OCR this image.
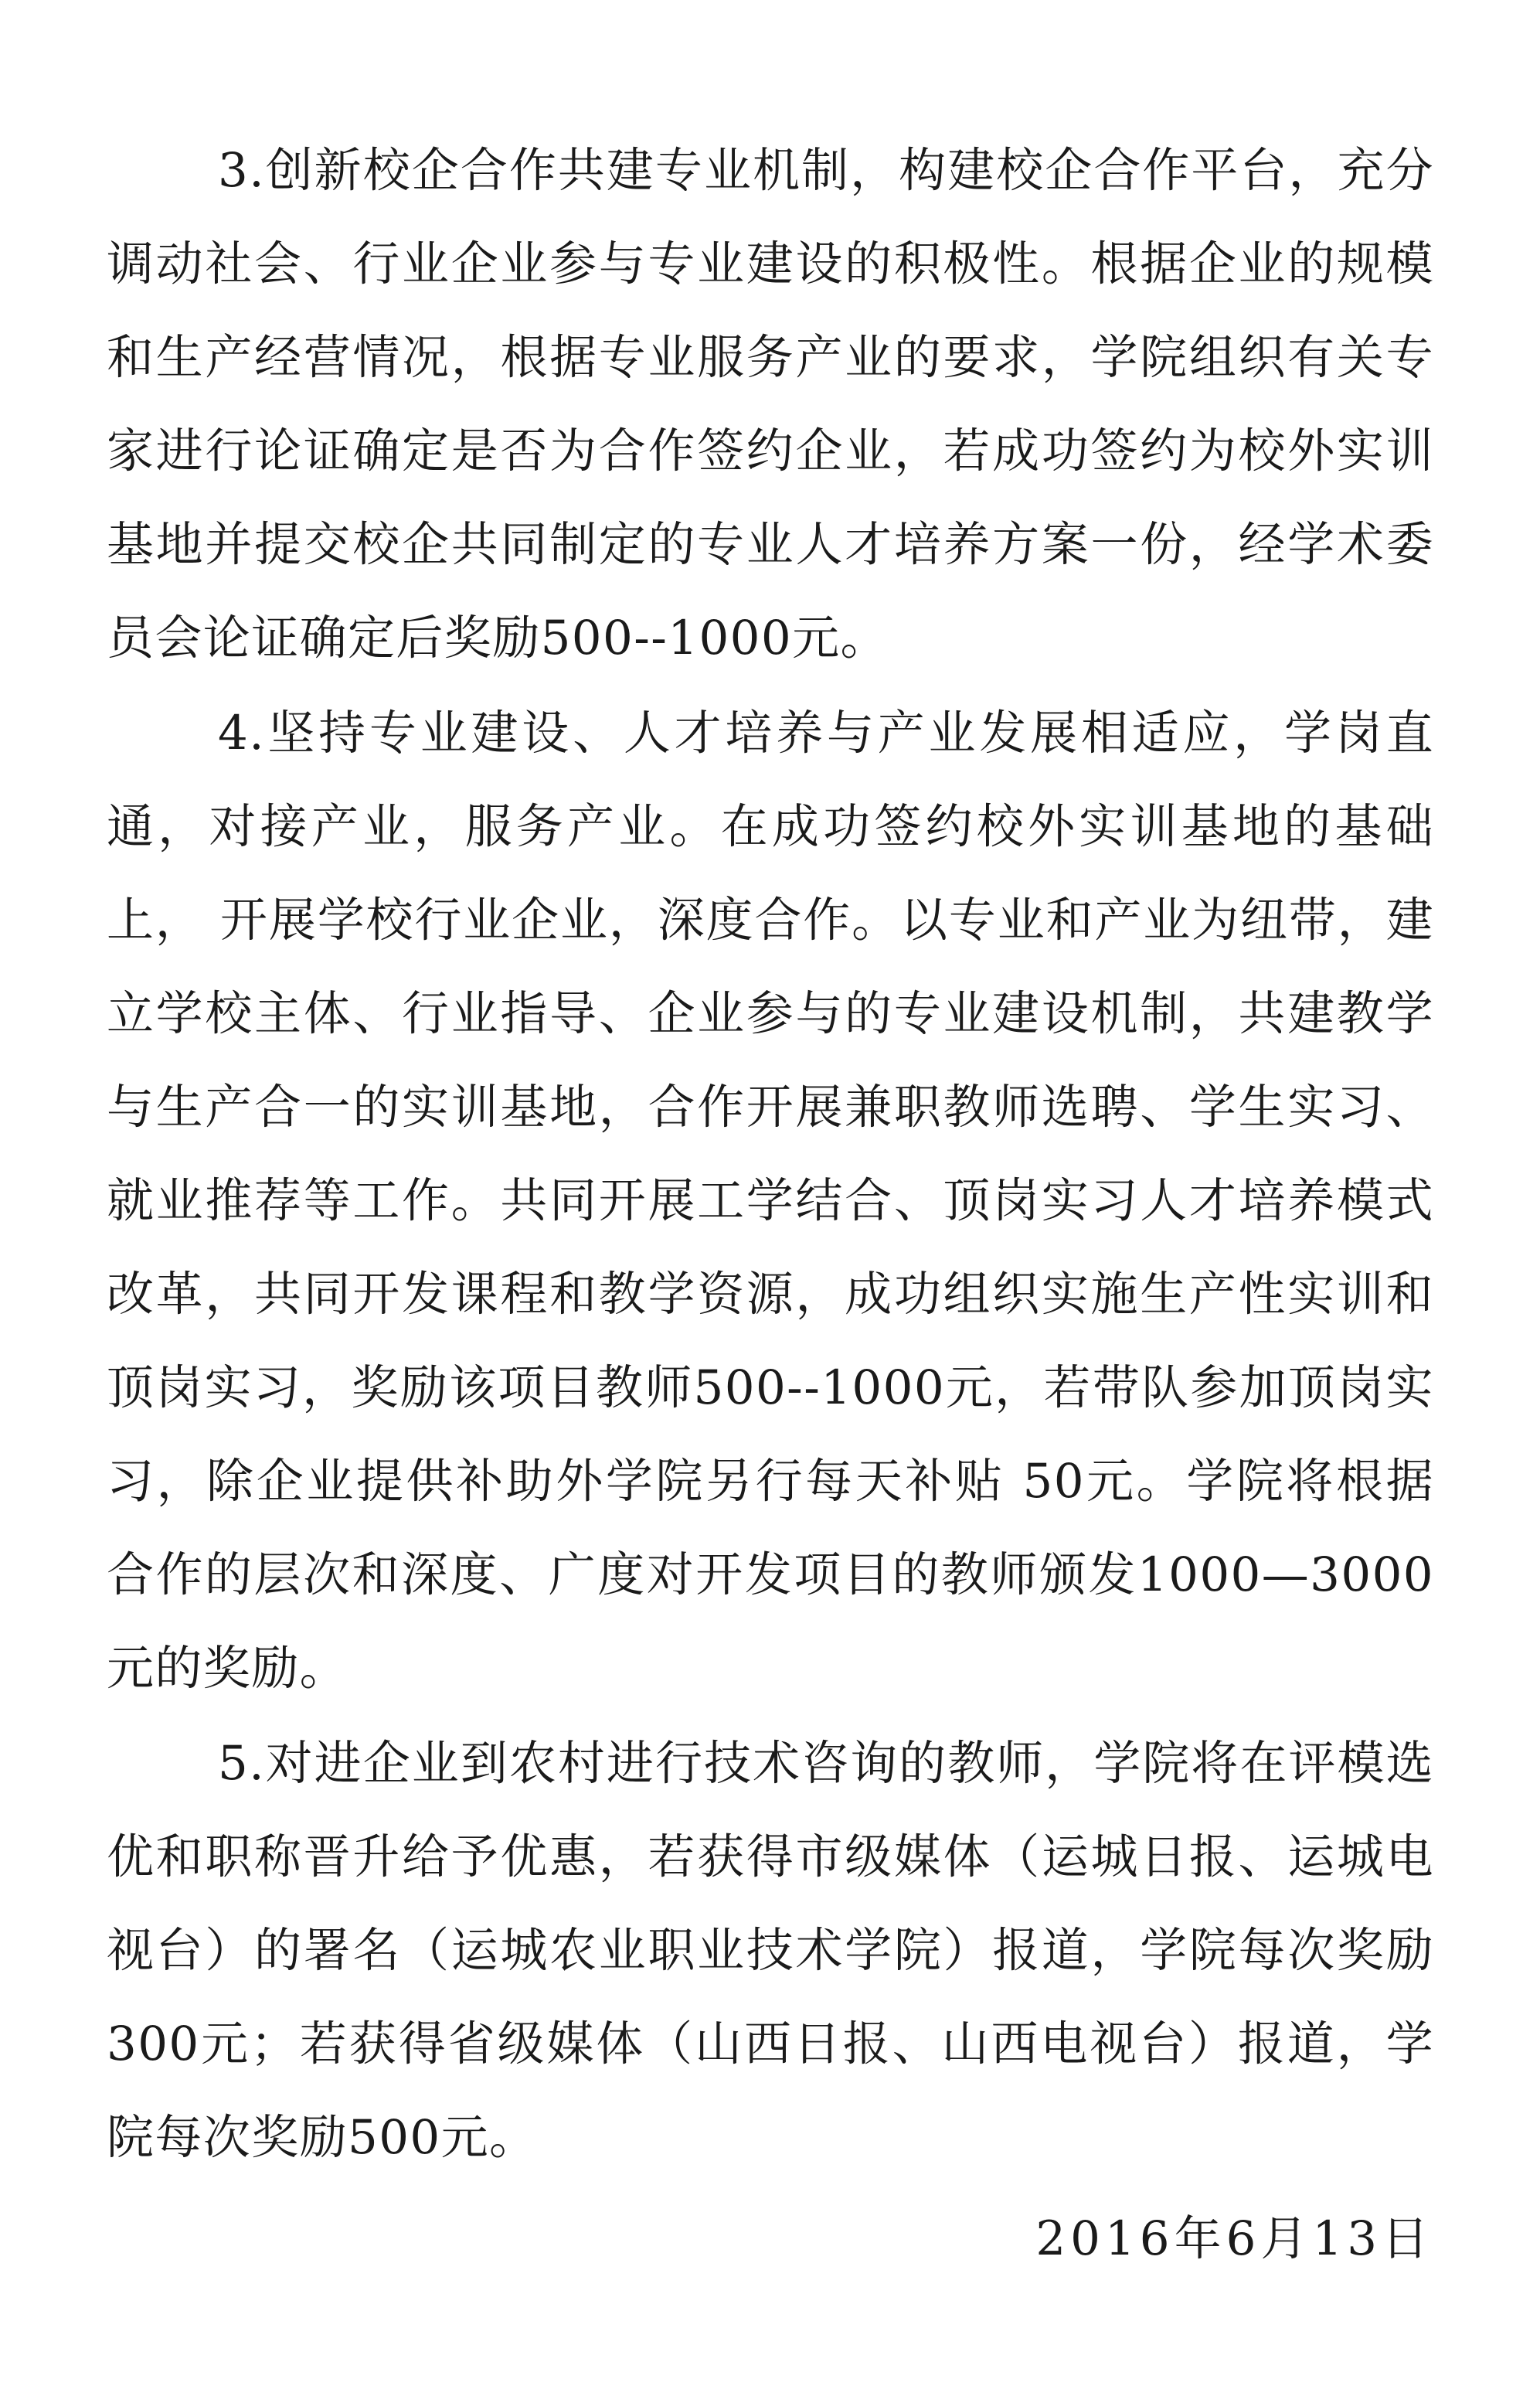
3.创新校企合作共建专业机制，构建校企合作平台，充分调动社会、行业企业参与专业建设的积极性。根据企业的规模和生产经营情况，根据专业服务产业的要求，学院组织有关专家进行论证确定是否为合作签约企业，若成功签约为校外实训基地并提交校企共同制定的专业人才培养方案一份，经学术委员会论证确定后奖励500--1000元。

4.坚持专业建设、人才培养与产业发展相适应，学岗直通，对接产业，服务产业。在成功签约校外实训基地的基础上， 开展学校行业企业，深度合作。以专业和产业为纽带，建立学校主体、行业指导、企业参与的专业建设机制，共建教学与生产合一的实训基地，合作开展兼职教师选聘、学生实习、就业推荐等工作。共同开展工学结合、顶岗实习人才培养模式改革，共同开发课程和教学资源，成功组织实施生产性实训和顶岗实习，奖励该项目教师500--1000元，若带队参加顶岗实习，除企业提供补助外学院另行每天补贴 50元。学院将根据合作的层次和深度、广度对开发项目的教师颁发1000—3000元的奖励。

5.对进企业到农村进行技术咨询的教师，学院将在评模选优和职称晋升给予优惠，若获得市级媒体（运城日报、运城电视台）的署名（运城农业职业技术学院）报道，学院每次奖励300元；若获得省级媒体（山西日报、山西电视台）报道，学院每次奖励500元。

2016年6月13日
